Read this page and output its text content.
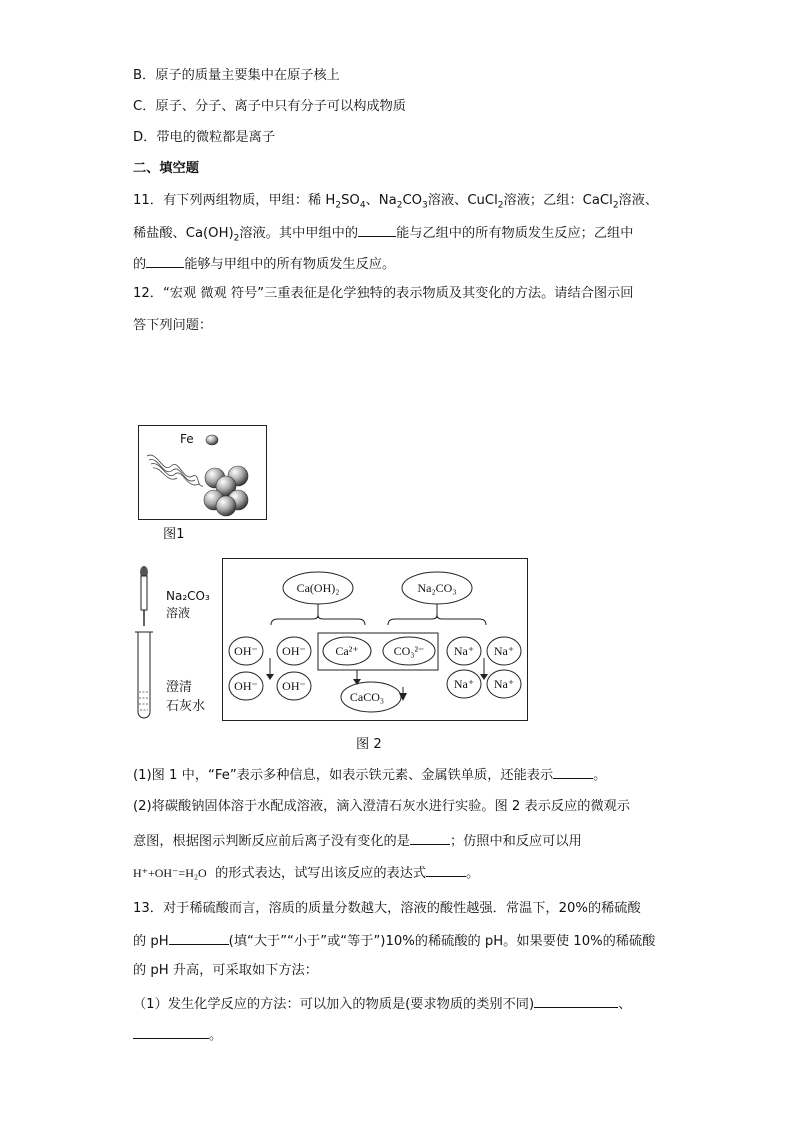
B．原子的质量主要集中在原子核上
C．原子、分子、离子中只有分子可以构成物质
D．带电的微粒都是离子
二、填空题
11．有下列两组物质，甲组：稀 $H_2SO_4$、$Na_2CO_3$溶液、CuCl$_2$溶液；乙组：CaCl$_2$溶液、
稀盐酸、$Ca(OH)_2$溶液。其中甲组中的	能与乙组中的所有物质发生反应；乙组中
的	能够与甲组中的所有物质发生反应。
12．“宏观 微观 符号”三重表征是化学独特的表示物质及其变化的方法。请结合图示回
答下列问题：
Fe
图1
Na₂CO₃
溶液
澄清
石灰水
Ca(OH)₂	Na₂CO₃
OH⁻ OH⁻ Ca²⁺	CO₃²⁻ Na⁺ Na⁺
OH⁻ OH⁻
CaCO₃
Na⁺ Na⁺
图 2
(1)图 1 中，“Fe”表示多种信息，如表示铁元素、金属铁单质，还能表示	。
(2)将碳酸钠固体溶于水配成溶液，滴入澄清石灰水进行实验。图 2 表示反应的微观示
意图，根据图示判断反应前后离子没有变化的是	；仿照中和反应可以用
H⁺+OH⁻=H₂O 的形式表达，试写出该反应的表达式	。
13．对于稀硫酸而言，溶质的质量分数越大，溶液的酸性越强．常温下，20%的稀硫酸
的 pH	(填“大于”“小于”或“等于”)10%的稀硫酸的 pH。如果要使 10%的稀硫酸
的 pH 升高，可采取如下方法：
（1）发生化学反应的方法：可以加入的物质是(要求物质的类别不同)	、
。
